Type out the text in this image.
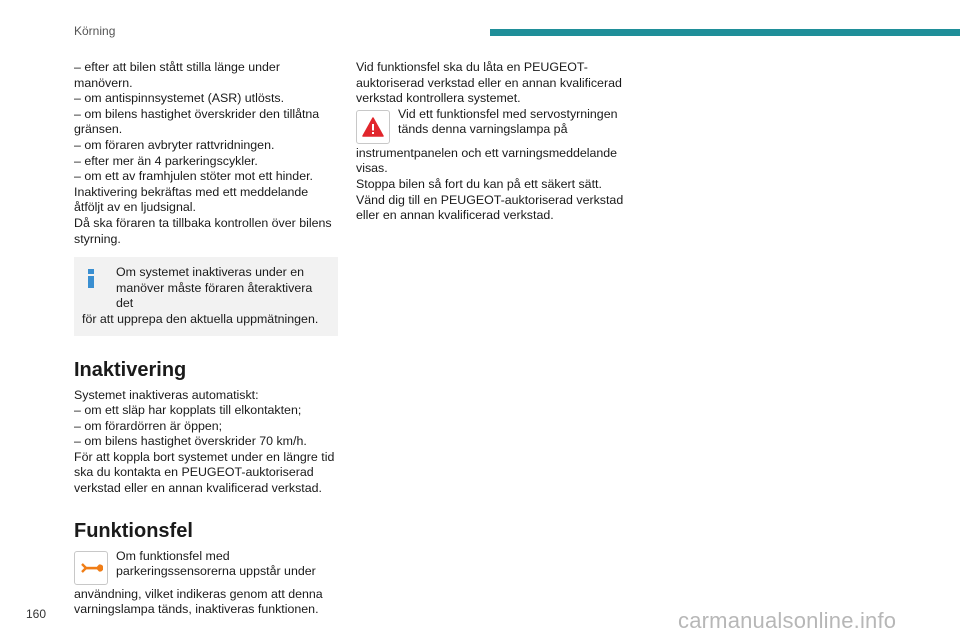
Körning

– efter att bilen stått stilla länge under manövern.

– om antispinnsystemet (ASR) utlösts.

– om bilens hastighet överskrider den tillåtna gränsen.

– om föraren avbryter rattvridningen.

– efter mer än 4 parkeringscykler.

– om ett av framhjulen stöter mot ett hinder.

Inaktivering bekräftas med ett meddelande åtföljt av en ljudsignal.

Då ska föraren ta tillbaka kontrollen över bilens styrning.

Om systemet inaktiveras under en manöver måste föraren återaktivera det

för att upprepa den aktuella uppmätningen.

Inaktivering

Systemet inaktiveras automatiskt:

– om ett släp har kopplats till elkontakten;

– om förardörren är öppen;

– om bilens hastighet överskrider 70 km/h.

För att koppla bort systemet under en längre tid ska du kontakta en PEUGEOT-auktoriserad verkstad eller en annan kvalificerad verkstad.

Funktionsfel

Om funktionsfel med parkeringssensorerna uppstår under

användning, vilket indikeras genom att denna varningslampa tänds, inaktiveras funktionen.

Vid funktionsfel ska du låta en PEUGEOT-auktoriserad verkstad eller en annan kvalificerad verkstad kontrollera systemet.

Vid ett funktionsfel med servostyrningen tänds denna varningslampa på

instrumentpanelen och ett varningsmeddelande visas.

Stoppa bilen så fort du kan på ett säkert sätt.

Vänd dig till en PEUGEOT-auktoriserad verkstad eller en annan kvalificerad verkstad.

160	carmanualsonline.info
